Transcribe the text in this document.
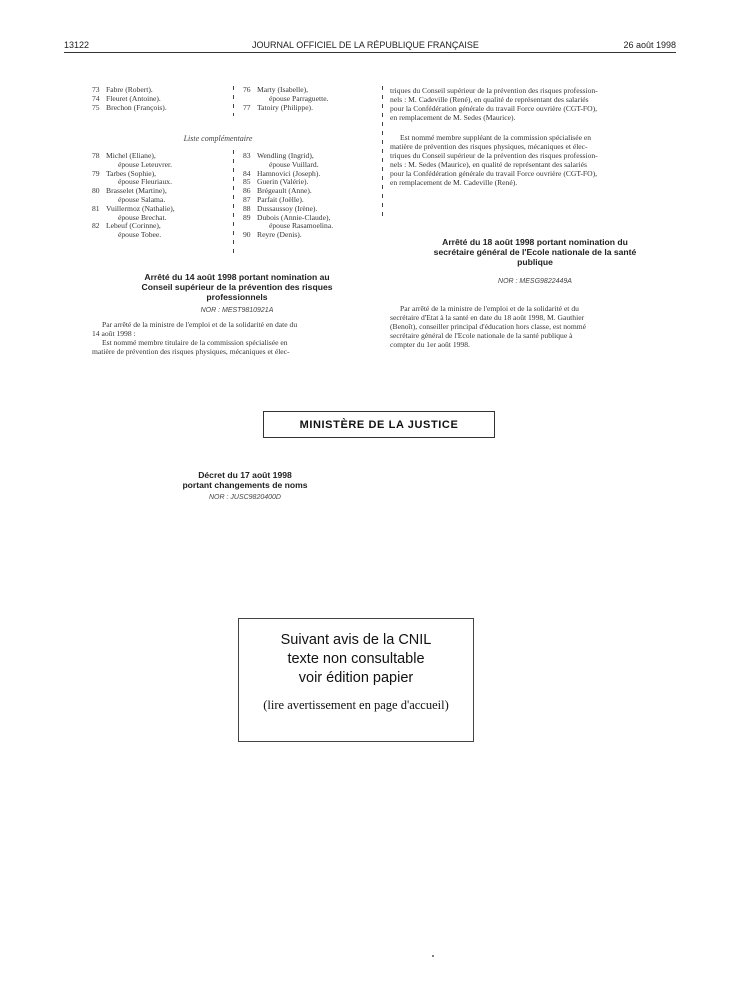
13122	JOURNAL OFFICIEL DE LA RÉPUBLIQUE FRANÇAISE	26 août 1998
73 Fabre (Robert).
74 Fleuret (Antoine).
75 Brechon (François).
76 Marty (Isabelle),
épouse Parraguette.
77 Tatoiry (Philippe).
Liste complémentaire
78 Michel (Eliane),
épouse Leteuvrer.
79 Tarbes (Sophie),
épouse Fleuriaux.
80 Brasselet (Martine),
épouse Salama.
81 Vuillermoz (Nathalie),
épouse Brechat.
82 Lebeuf (Corinne),
épouse Tobee.
83 Wendling (Ingrid),
épouse Vuillard.
84 Hamnovici (Joseph).
85 Guerin (Valérie).
86 Brégeault (Anne).
87 Parfait (Joëlle).
88 Dussaussoy (Irène).
89 Dubois (Annie-Claude),
épouse Rasamoelina.
90 Reyre (Denis).
Arrêté du 14 août 1998 portant nomination au
Conseil supérieur de la prévention des risques
professionnels
NOR : MEST9810921A
Par arrêté de la ministre de l'emploi et de la solidarité en date du
14 août 1998 :
Est nommé membre titulaire de la commission spécialisée en
matière de prévention des risques physiques, mécaniques et élec-
triques du Conseil supérieur de la prévention des risques profession-
nels : M. Cadeville (René), en qualité de représentant des salariés
pour la Confédération générale du travail Force ouvrière (CGT-FO),
en remplacement de M. Sedes (Maurice).
Est nommé membre suppléant de la commission spécialisée en
matière de prévention des risques physiques, mécaniques et élec-
triques du Conseil supérieur de la prévention des risques profession-
nels : M. Sedes (Maurice), en qualité de représentant des salariés
pour la Confédération générale du travail Force ouvrière (CGT-FO),
en remplacement de M. Cadeville (René).
Arrêté du 18 août 1998 portant nomination du
secrétaire général de l'Ecole nationale de la santé
publique
NOR : MESG9822449A
Par arrêté de la ministre de l'emploi et de la solidarité et du
secrétaire d'Etat à la santé en date du 18 août 1998, M. Gauthier
(Benoît), conseiller principal d'éducation hors classe, est nommé
secrétaire général de l'Ecole nationale de la santé publique à
compter du 1er août 1998.
MINISTÈRE DE LA JUSTICE
Décret du 17 août 1998
portant changements de noms
NOR : JUSC9820400D
Suivant avis de la CNIL
texte non consultable
voir édition papier
(lire avertissement en page d'accueil)
